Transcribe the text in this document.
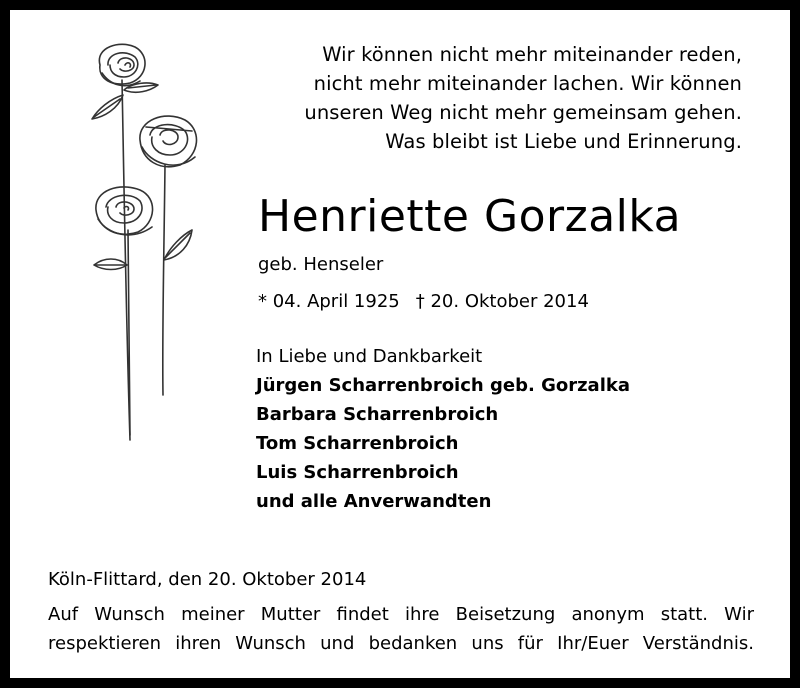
Wir können nicht mehr miteinander reden,
nicht mehr miteinander lachen. Wir können
unseren Weg nicht mehr gemeinsam gehen.
Was bleibt ist Liebe und Erinnerung.
Henriette Gorzalka
geb. Henseler
* 04. April 1925 † 20. Oktober 2014
In Liebe und Dankbarkeit
Jürgen Scharrenbroich geb. Gorzalka
Barbara Scharrenbroich
Tom Scharrenbroich
Luis Scharrenbroich
und alle Anverwandten
Köln-Flittard, den 20. Oktober 2014
Auf Wunsch meiner Mutter findet ihre Beisetzung anonym statt. Wir
respektieren ihren Wunsch und bedanken uns für Ihr/Euer Verständnis.
